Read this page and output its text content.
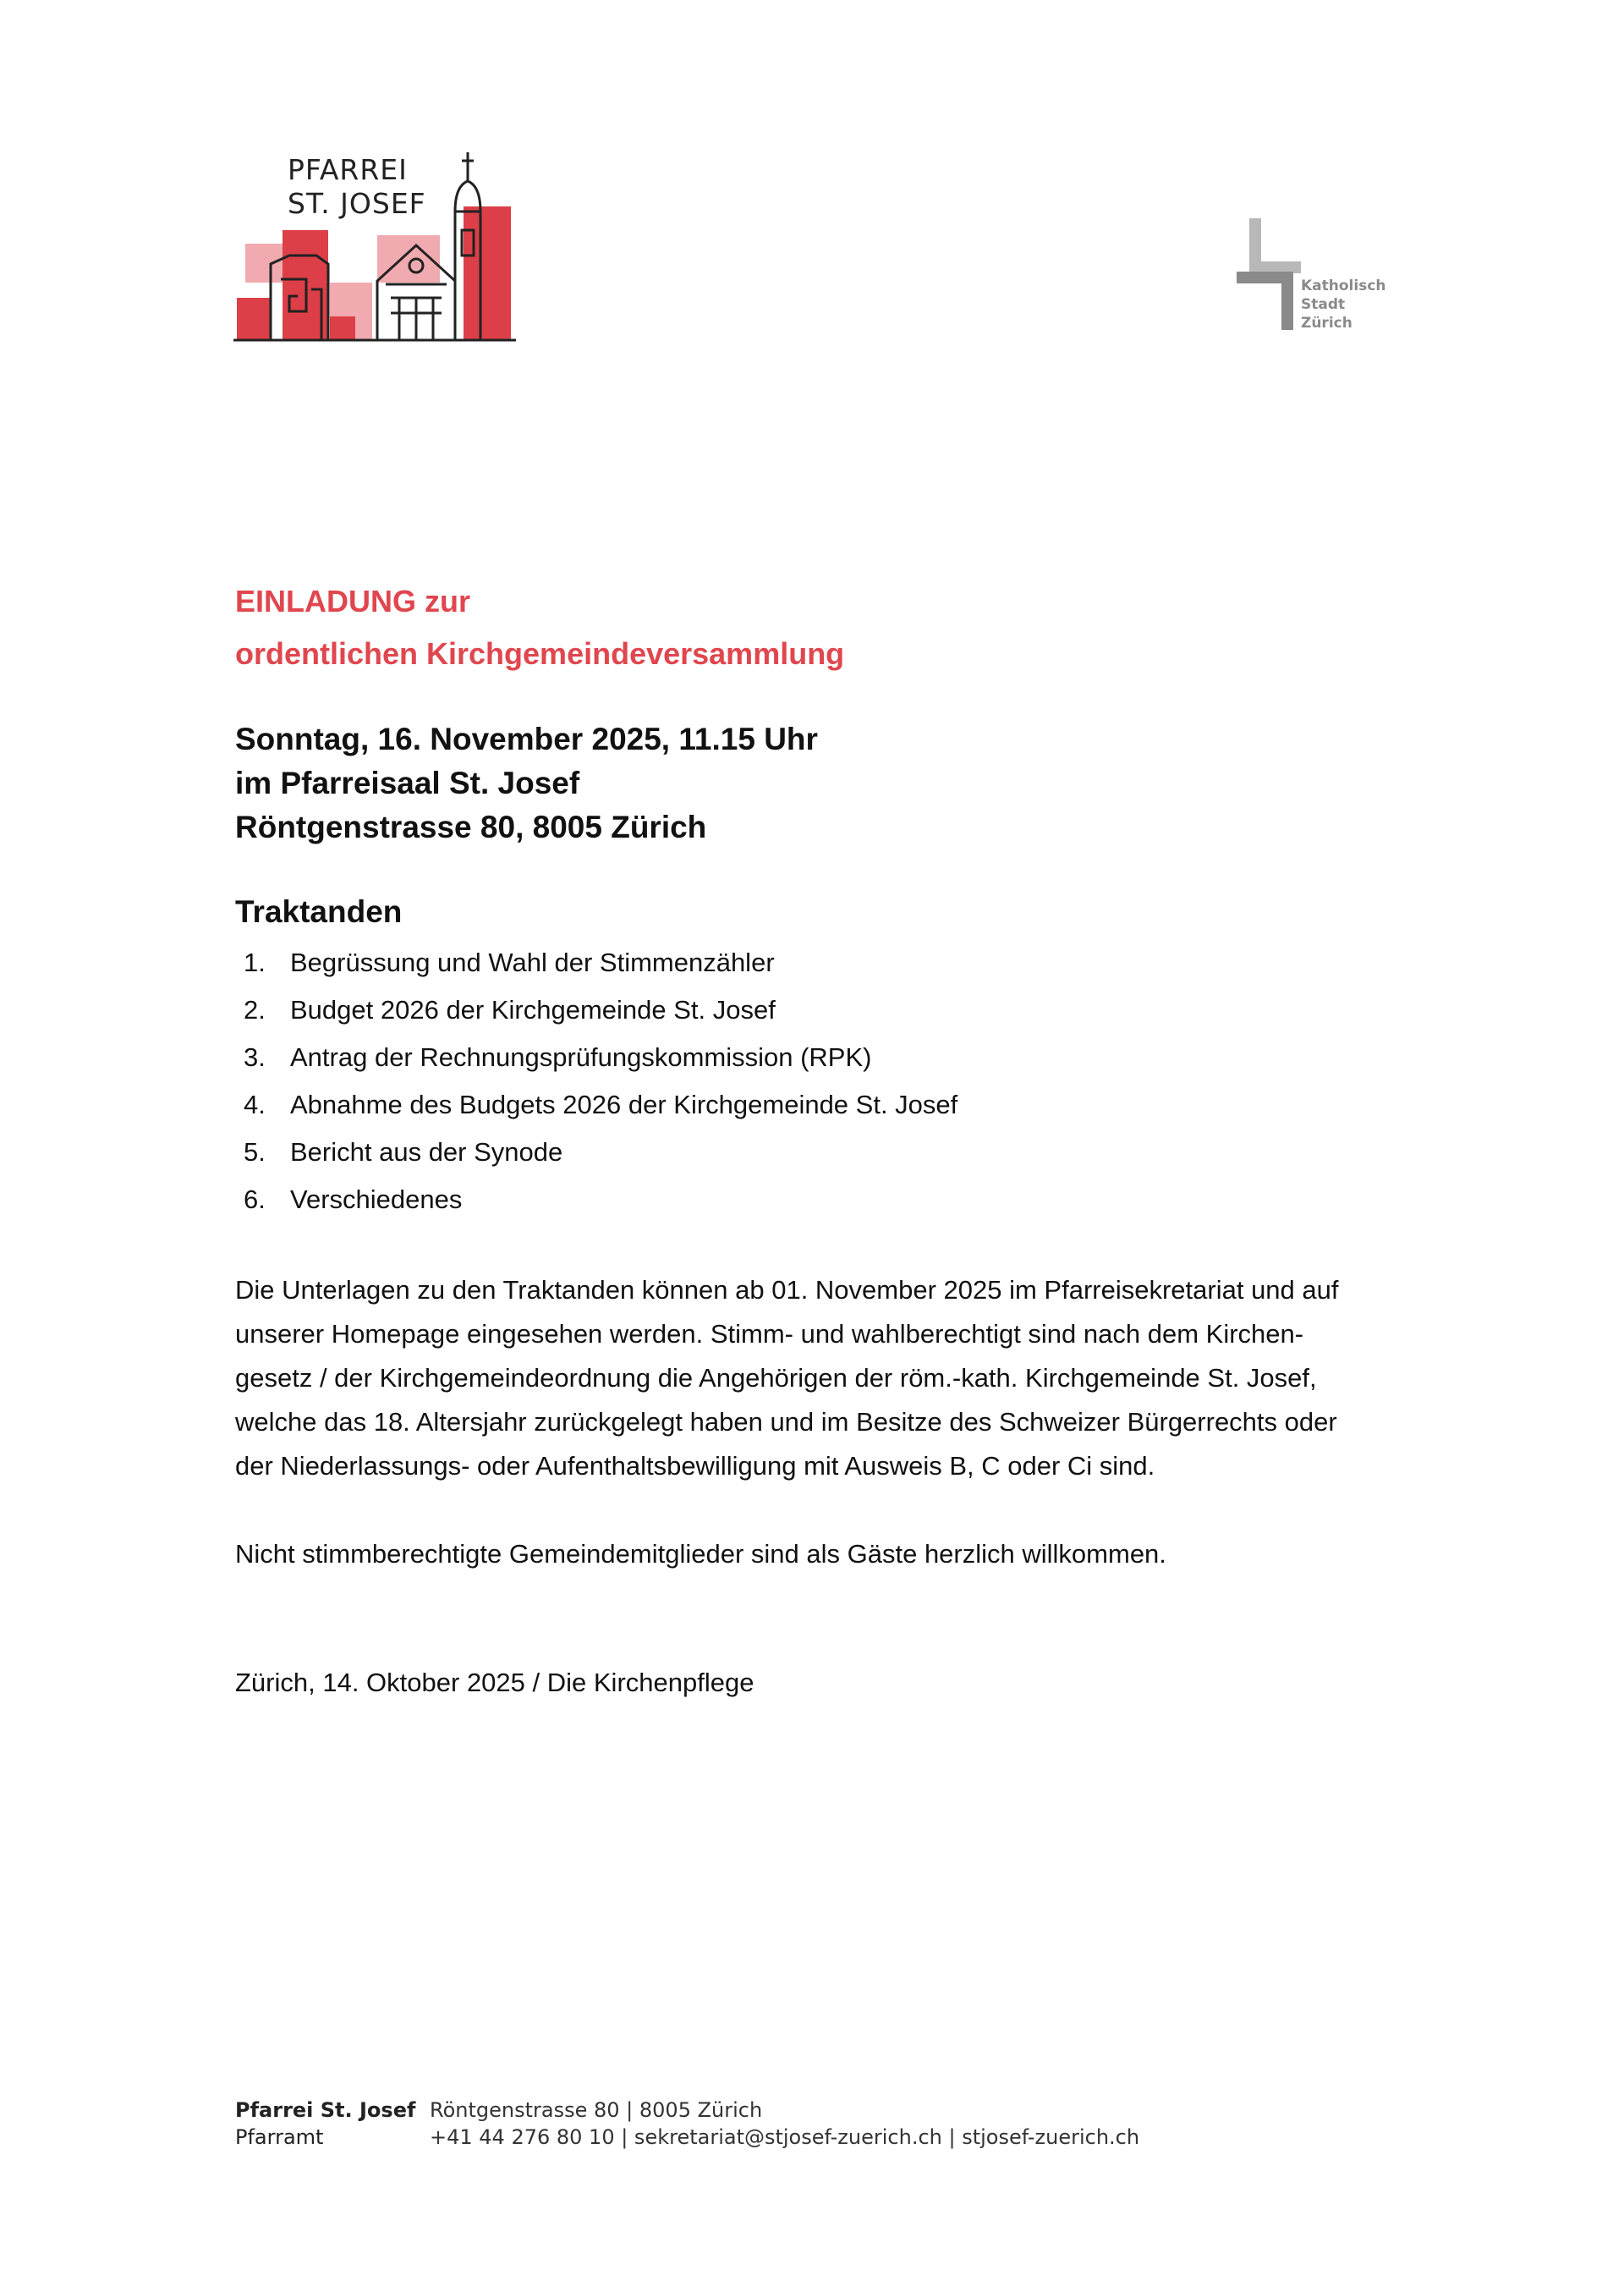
PFARREI
ST. JOSEF
Katholisch
Stadt
Zürich
EINLADUNG zur
ordentlichen Kirchgemeindeversammlung
Sonntag, 16. November 2025, 11.15 Uhr
im Pfarreisaal St. Josef
Röntgenstrasse 80, 8005 Zürich
Traktanden
1. Begrüssung und Wahl der Stimmenzähler
2. Budget 2026 der Kirchgemeinde St. Josef
3. Antrag der Rechnungsprüfungskommission (RPK)
4. Abnahme des Budgets 2026 der Kirchgemeinde St. Josef
5. Bericht aus der Synode
6. Verschiedenes
Die Unterlagen zu den Traktanden können ab 01. November 2025 im Pfarreisekretariat und auf
unserer Homepage eingesehen werden. Stimm- und wahlberechtigt sind nach dem Kirchen-
gesetz / der Kirchgemeindeordnung die Angehörigen der röm.-kath. Kirchgemeinde St. Josef,
welche das 18. Altersjahr zurückgelegt haben und im Besitze des Schweizer Bürgerrechts oder
der Niederlassungs- oder Aufenthaltsbewilligung mit Ausweis B, C oder Ci sind.
Nicht stimmberechtigte Gemeindemitglieder sind als Gäste herzlich willkommen.
Zürich, 14. Oktober 2025 / Die Kirchenpflege
Pfarrei St. Josef Röntgenstrasse 80 | 8005 Zürich
Pfarramt	+41 44 276 80 10 | sekretariat@stjosef-zuerich.ch | stjosef-zuerich.ch
